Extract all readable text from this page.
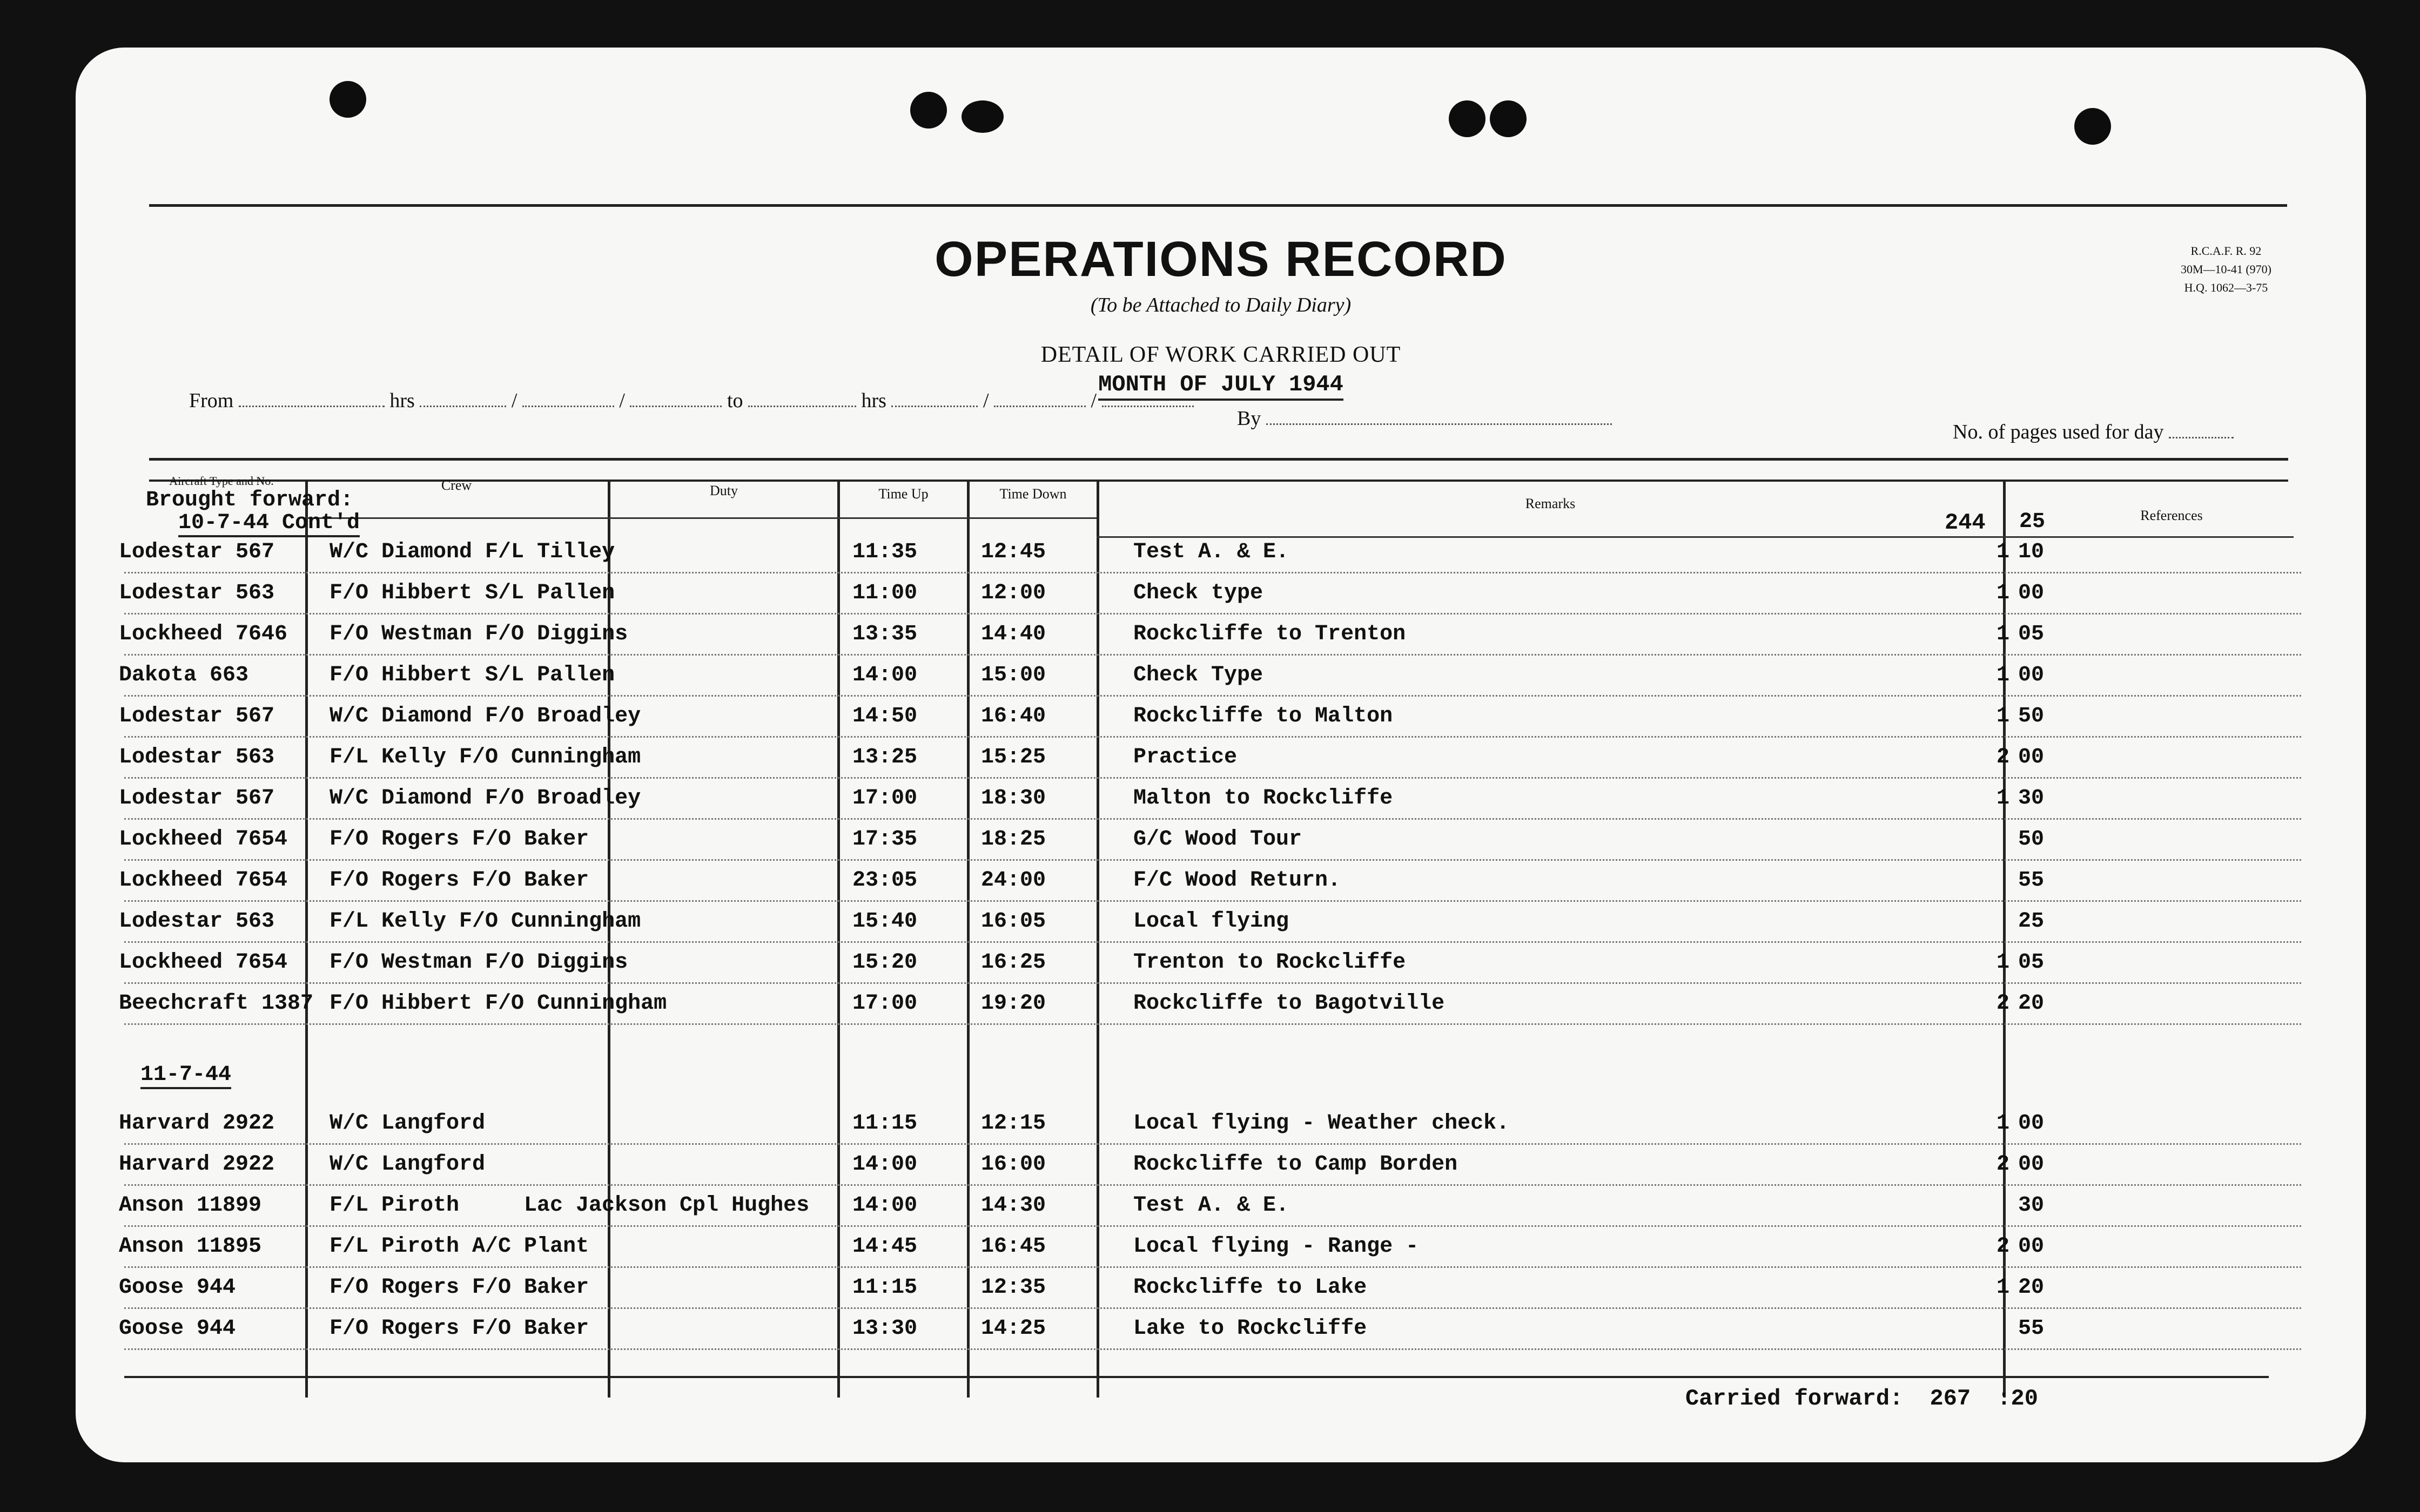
OPERATIONS RECORD
(To be Attached to Daily Diary)
R.C.A.F. R. 92
30M—10-41 (970)
H.Q. 1062—3-75
DETAIL OF WORK CARRIED OUT
MONTH OF JULY 1944
From	hrs	/	/	to	hrs	/	/
By
No. of pages used for day
Aircraft Type and No.	Crew	Duty	Time Up	Time Down
Remarks
References
Brought forward:
10-7-44 Cont'd	244 25
Lodestar 567	W/C Diamond F/L Tilley	11:35	12:45	Test A. & E.	1 10
Lodestar 563	F/O Hibbert S/L Pallen	11:00	12:00	Check type	1 00
Lockheed 7646 F/O Westman F/O Diggins	13:35	14:40	Rockcliffe to Trenton	1 05
Dakota 663	F/O Hibbert S/L Pallen	14:00	15:00	Check Type	1 00
Lodestar 567	W/C Diamond F/O Broadley	14:50	16:40	Rockcliffe to Malton	1 50
Lodestar 563	F/L Kelly F/O Cunningham	13:25	15:25	Practice	2 00
Lodestar 567	W/C Diamond F/O Broadley	17:00	18:30	Malton to Rockcliffe	1 30
Lockheed 7654 F/O Rogers F/O Baker	17:35	18:25	G/C Wood Tour	50
Lockheed 7654 F/O Rogers F/O Baker	23:05	24:00	F/C Wood Return.	55
Lodestar 563	F/L Kelly F/O Cunningham	15:40	16:05	Local flying	25
Lockheed 7654 F/O Westman F/O Diggins	15:20	16:25	Trenton to Rockcliffe	1 05
Beechcraft 1387 F/O Hibbert F/O Cunningham	17:00	19:20	Rockcliffe to Bagotville	2 20
11-7-44
Harvard 2922	W/C Langford	11:15	12:15	Local flying - Weather check.	1 00
Harvard 2922	W/C Langford	14:00	16:00	Rockcliffe to Camp Borden	2 00
Anson 11899	F/L Piroth	Lac Jackson Cpl Hughes 14:00	14:30	Test A. & E.	30
Anson 11895	F/L Piroth A/C Plant	14:45	16:45	Local flying - Range -	2 00
Goose 944	F/O Rogers F/O Baker	11:15	12:35	Rockcliffe to Lake	1 20
Goose 944	F/O Rogers F/O Baker	13:30	14:25	Lake to Rockcliffe	55
Carried forward: 267 :20
